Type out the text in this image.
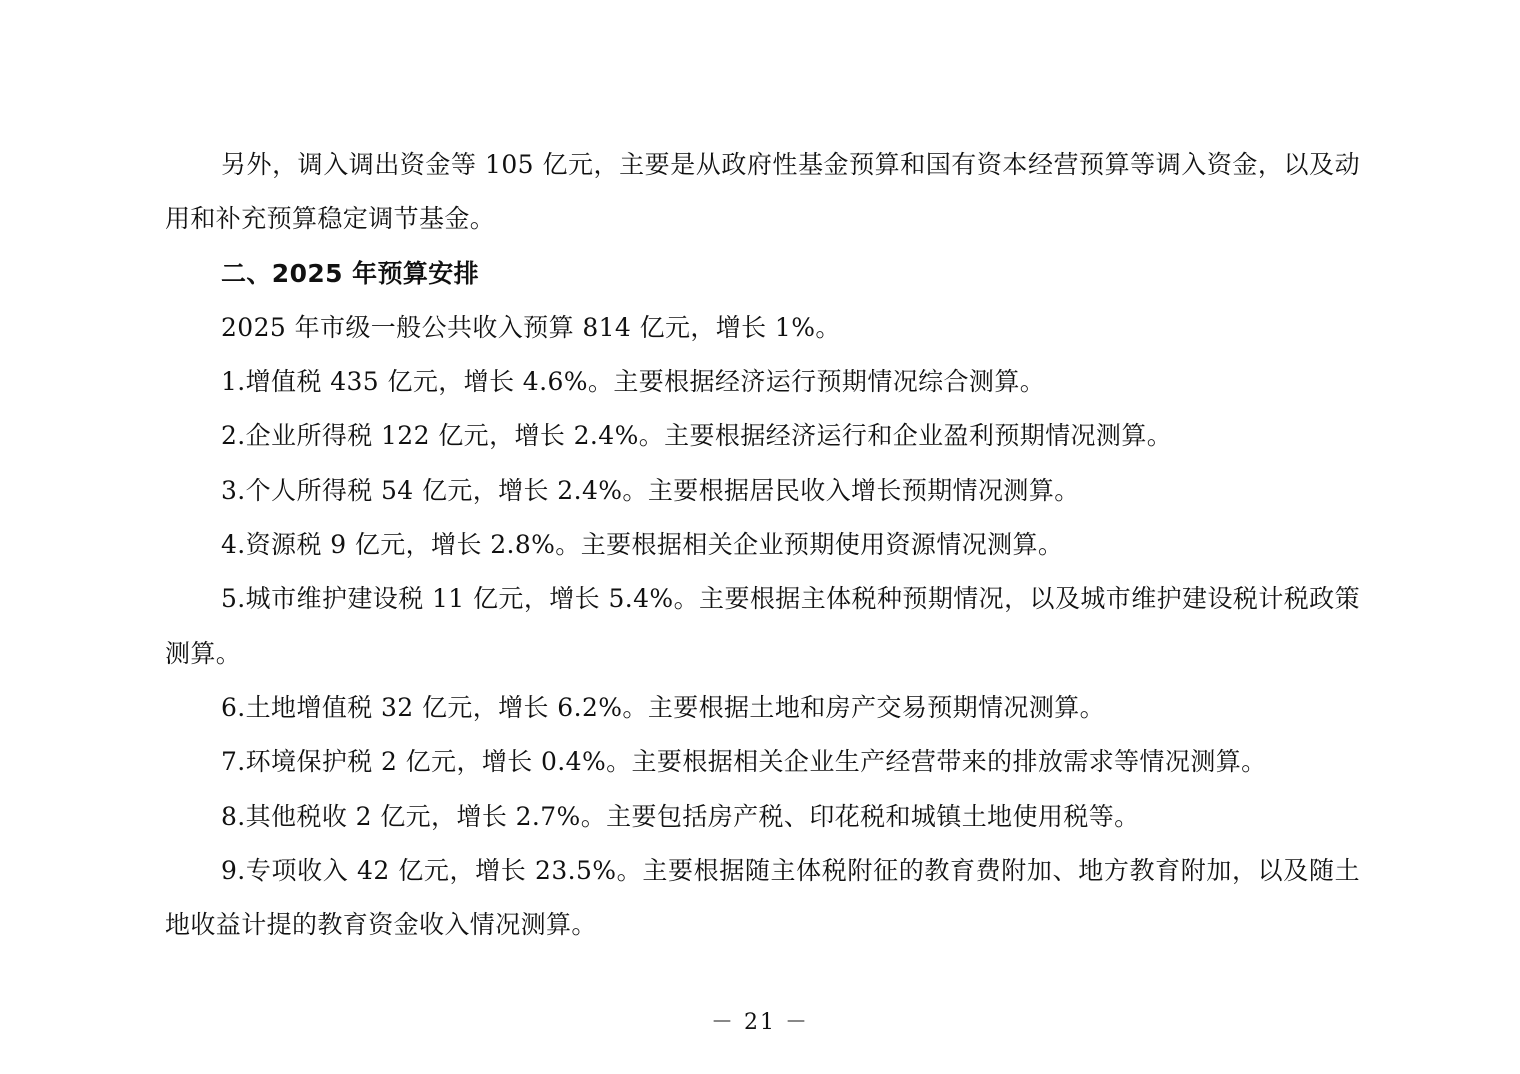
另外，调入调出资金等 105 亿元，主要是从政府性基金预算和国有资本经营预算等调入资金，以及动用和补充预算稳定调节基金。

二、2025 年预算安排

2025 年市级一般公共收入预算 814 亿元，增长 1%。

1.增值税 435 亿元，增长 4.6%。主要根据经济运行预期情况综合测算。

2.企业所得税 122 亿元，增长 2.4%。主要根据经济运行和企业盈利预期情况测算。

3.个人所得税 54 亿元，增长 2.4%。主要根据居民收入增长预期情况测算。

4.资源税 9 亿元，增长 2.8%。主要根据相关企业预期使用资源情况测算。

5.城市维护建设税 11 亿元，增长 5.4%。主要根据主体税种预期情况，以及城市维护建设税计税政策测算。

6.土地增值税 32 亿元，增长 6.2%。主要根据土地和房产交易预期情况测算。

7.环境保护税 2 亿元，增长 0.4%。主要根据相关企业生产经营带来的排放需求等情况测算。

8.其他税收 2 亿元，增长 2.7%。主要包括房产税、印花税和城镇土地使用税等。

9.专项收入 42 亿元，增长 23.5%。主要根据随主体税附征的教育费附加、地方教育附加，以及随土地收益计提的教育资金收入情况测算。

－ 21 －
